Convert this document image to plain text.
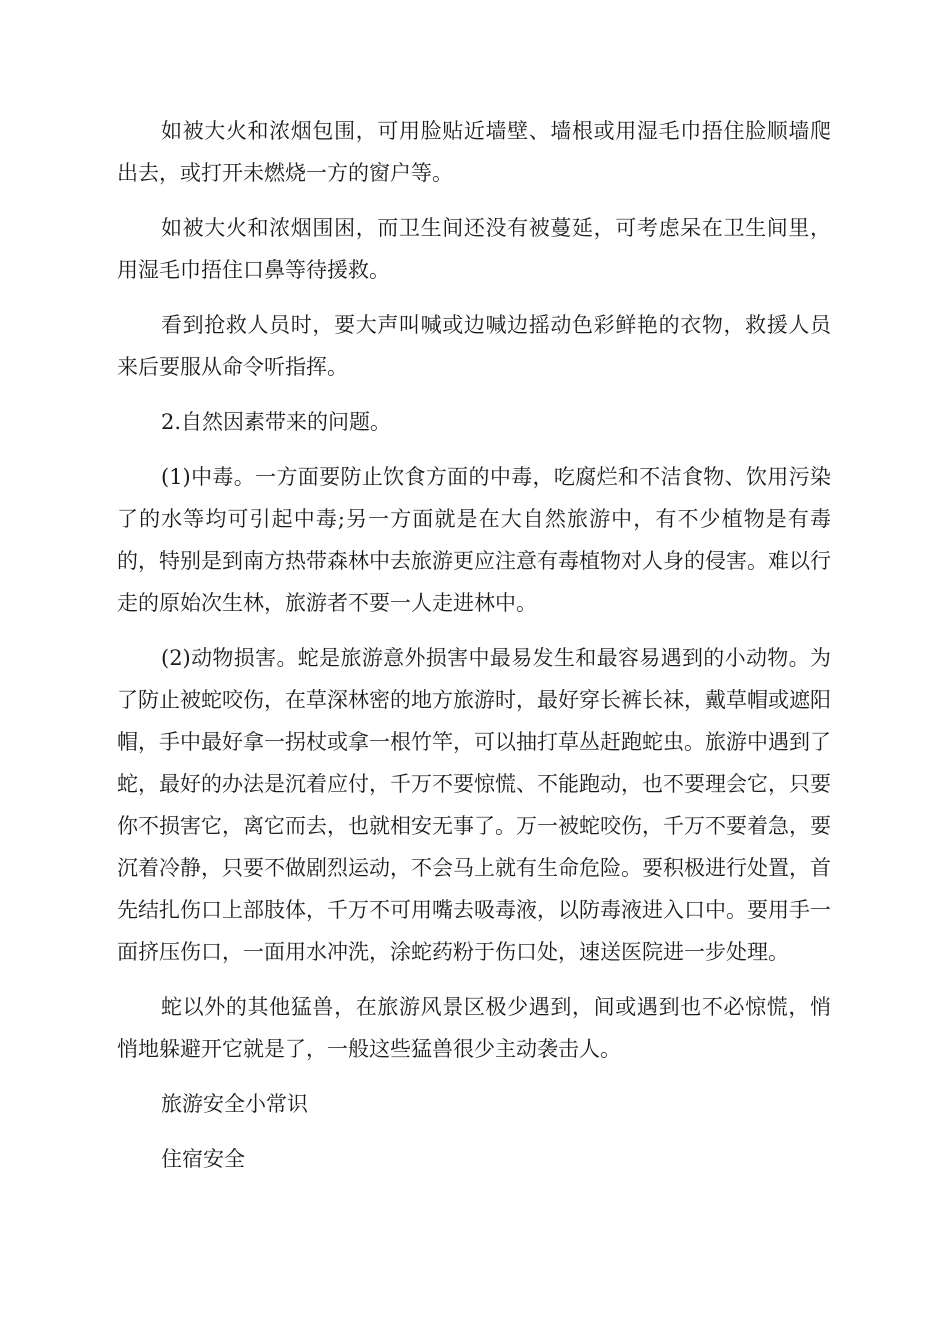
如被大火和浓烟包围，可用脸贴近墙壁、墙根或用湿毛巾捂住脸顺墙爬出去，或打开未燃烧一方的窗户等。

如被大火和浓烟围困，而卫生间还没有被蔓延，可考虑呆在卫生间里，用湿毛巾捂住口鼻等待援救。

看到抢救人员时，要大声叫喊或边喊边摇动色彩鲜艳的衣物，救援人员来后要服从命令听指挥。

2.自然因素带来的问题。

(1)中毒。一方面要防止饮食方面的中毒，吃腐烂和不洁食物、饮用污染了的水等均可引起中毒;另一方面就是在大自然旅游中，有不少植物是有毒的，特别是到南方热带森林中去旅游更应注意有毒植物对人身的侵害。难以行走的原始次生林，旅游者不要一人走进林中。

(2)动物损害。蛇是旅游意外损害中最易发生和最容易遇到的小动物。为了防止被蛇咬伤，在草深林密的地方旅游时，最好穿长裤长袜，戴草帽或遮阳帽，手中最好拿一拐杖或拿一根竹竿，可以抽打草丛赶跑蛇虫。旅游中遇到了蛇，最好的办法是沉着应付，千万不要惊慌、不能跑动，也不要理会它，只要你不损害它，离它而去，也就相安无事了。万一被蛇咬伤，千万不要着急，要沉着冷静，只要不做剧烈运动，不会马上就有生命危险。要积极进行处置，首先结扎伤口上部肢体，千万不可用嘴去吸毒液，以防毒液进入口中。要用手一面挤压伤口，一面用水冲洗，涂蛇药粉于伤口处，速送医院进一步处理。

蛇以外的其他猛兽，在旅游风景区极少遇到，间或遇到也不必惊慌，悄悄地躲避开它就是了，一般这些猛兽很少主动袭击人。

旅游安全小常识

住宿安全
